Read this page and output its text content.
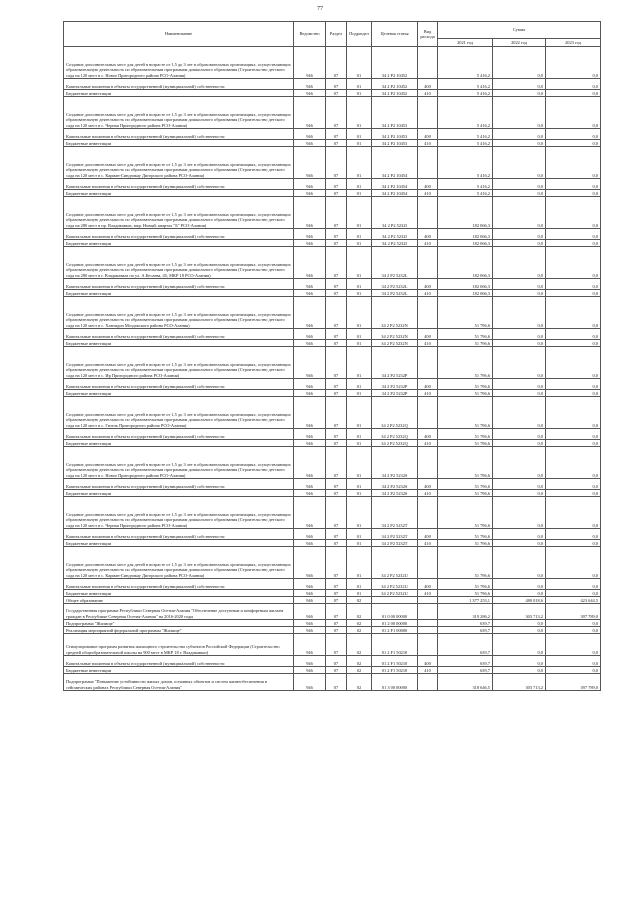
77
Наименование	Ведомство	Раздел	Подраздел	Целевая статья	Вид расхода	Сумма		
						2021 год	2022 год	2023 год
Создание дополнительных мест для детей в возрасте от 1,5 до 3 лет в образовательных организациях, осуществляющих образовательную деятельность по образовательным программам дошкольного образования (Строительство детского сада на 120 мест в с. Новое Пригородного района РСО-Алания)	946	07	01	34 2 P2 10452		5 416,2	0,0	0,0
Капитальные вложения в объекты государственной (муниципальной) собственности	946	07	01	34 2 P2 10452	400	5 416,2	0,0	0,0
Бюджетные инвестиции	946	07	01	34 2 P2 10452	410	5 416,2	0,0	0,0
Создание дополнительных мест для детей в возрасте от 1,5 до 3 лет в образовательных организациях, осуществляющих образовательную деятельность по образовательным программам дошкольного образования (Строительство детского сада на 120 мест в с. Черная Пригородного района РСО-Алания)	946	07	01	34 2 P2 10453		5 416,2	0,0	0,0
Капитальные вложения в объекты государственной (муниципальной) собственности	946	07	01	34 2 P2 10453	400	5 416,2	0,0	0,0
Бюджетные инвестиции	946	07	01	34 2 P2 10453	410	5 416,2	0,0	0,0
Создание дополнительных мест для детей в возрасте от 1,5 до 3 лет в образовательных организациях, осуществляющих образовательную деятельность по образовательным программам дошкольного образования (Строительство детского сада на 120 мест в с. Карман-Синдзикау Дигорского района РСО-Алания)	946	07	01	34 2 P2 10454		5 416,2	0,0	0,0
Капитальные вложения в объекты государственной (муниципальной) собственности	946	07	01	34 2 P2 10454	400	5 416,2	0,0	0,0
Бюджетные инвестиции	946	07	01	34 2 P2 10454	410	5 416,2	0,0	0,0
Создание дополнительных мест для детей в возрасте от 1,5 до 3 лет в образовательных организациях, осуществляющих образовательную деятельность по образовательным программам дошкольного образования (Строительство детского сада на 280 мест в пр. Владикавказ, мкр. Новый, квартал "Б" РСО-Алания)	946	07	01	34 2 P2 5232I		182 066,3	0,0	0,0
Капитальные вложения в объекты государственной (муниципальной) собственности	946	07	01	34 2 P2 5232I	400	182 066,3	0,0	0,0
Бюджетные инвестиции	946	07	01	34 2 P2 5232I	410	182 066,3	0,0	0,0
Создание дополнительных мест для детей в возрасте от 1,5 до 3 лет в образовательных организациях, осуществляющих образовательную деятельность по образовательным программам дошкольного образования (Строительство детского сада на 280 мест в г. Владикавказ по ул. А.Кесаева, 45, МКР 18 РСО-Алания)	946	07	01	34 2 P2 5232L		182 066,3	0,0	0,0
Капитальные вложения в объекты государственной (муниципальной) собственности	946	07	01	34 2 P2 5232L	400	182 066,3	0,0	0,0
Бюджетные инвестиции	946	07	01	34 2 P2 5232L	410	182 066,3	0,0	0,0
Создание дополнительных мест для детей в возрасте от 1,5 до 3 лет в образовательных организациях, осуществляющих образовательную деятельность по образовательным программам дошкольного образования (Строительство детского сада на 120 мест в с. Хазнидон Моздокского района РСО-Алания)	946	07	01	34 2 P2 5232N		51 796,6	0,0	0,0
Капитальные вложения в объекты государственной (муниципальной) собственности	946	07	01	34 2 P2 5232N	400	51 796,6	0,0	0,0
Бюджетные инвестиции	946	07	01	34 2 P2 5232N	410	51 796,6	0,0	0,0
Создание дополнительных мест для детей в возрасте от 1,5 до 3 лет в образовательных организациях, осуществляющих образовательную деятельность по образовательным программам дошкольного образования (Строительство детского сада на 120 мест в с. Ир Пригородного района РСО-Алания)	946	07	01	34 2 P2 5232P		51 796,6	0,0	0,0
Капитальные вложения в объекты государственной (муниципальной) собственности	946	07	01	34 2 P2 5232P	400	51 796,6	0,0	0,0
Бюджетные инвестиции	946	07	01	34 2 P2 5232P	410	51 796,6	0,0	0,0
Создание дополнительных мест для детей в возрасте от 1,5 до 3 лет в образовательных организациях, осуществляющих образовательную деятельность по образовательным программам дошкольного образования (Строительство детского сада на 120 мест в с. Гизель Пригородного района РСО-Алания)	946	07	01	34 2 P2 5232Q		51 796,6	0,0	0,0
Капитальные вложения в объекты государственной (муниципальной) собственности	946	07	01	34 2 P2 5232Q	400	51 796,6	0,0	0,0
Бюджетные инвестиции	946	07	01	34 2 P2 5232Q	410	51 796,6	0,0	0,0
Создание дополнительных мест для детей в возрасте от 1,5 до 3 лет в образовательных организациях, осуществляющих образовательную деятельность по образовательным программам дошкольного образования (Строительство детского сада на 120 мест в с. Новое Пригородного района РСО-Алания)	946	07	01	34 2 P2 5232S		51 796,6	0,0	0,0
Капитальные вложения в объекты государственной (муниципальной) собственности	946	07	01	34 2 P2 5232S	400	51 796,6	0,0	0,0
Бюджетные инвестиции	946	07	01	34 2 P2 5232S	410	51 796,6	0,0	0,0
Создание дополнительных мест для детей в возрасте от 1,5 до 3 лет в образовательных организациях, осуществляющих образовательную деятельность по образовательным программам дошкольного образования (Строительство детского сада на 120 мест в с. Черная Пригородного района РСО-Алания)	946	07	01	34 2 P2 5232T		51 796,6	0,0	0,0
Капитальные вложения в объекты государственной (муниципальной) собственности	946	07	01	34 2 P2 5232T	400	51 796,6	0,0	0,0
Бюджетные инвестиции	946	07	01	34 2 P2 5232T	410	51 796,6	0,0	0,0
Создание дополнительных мест для детей в возрасте от 1,5 до 3 лет в образовательных организациях, осуществляющих образовательную деятельность по образовательным программам дошкольного образования (Строительство детского сада на 120 мест в с. Карман-Синдзикау Дигорского района РСО-Алания)	946	07	01	34 2 P2 5232U		51 796,6	0,0	0,0
Капитальные вложения в объекты государственной (муниципальной) собственности	946	07	01	34 2 P2 5232U	400	51 796,6	0,0	0,0
Бюджетные инвестиции	946	07	01	34 2 P2 5232U	410	51 796,6	0,0	0,0
Общее образование	946	07	02			1 377 253,1	480 018,6	423 644,5
Государственная программа Республики Северная Осетия-Алания "Обеспечение доступным и комфортным жильем граждан в Республике Северная Осетия-Алания" на 2016-2020 годы	946	07	02	01 0 00 00000		319 286,2	303 713,2	397 789,0
Подпрограмма "Жилище"	946	07	02	01 2 00 00000		639,7	0,0	0,0
Реализация мероприятий федеральной программы "Жилище"	946	07	02	01 2 F1 00000		639,7	0,0	0,0
Стимулирование программ развития жилищного строительства субъектов Российской Федерации (Строительство средней общеобразовательной школы на 900 мест в МКР 18 г. Владикавказ)	946	07	02	01 2 F1 50210		639,7	0,0	0,0
Капитальные вложения в объекты государственной (муниципальной) собственности	946	07	02	01 2 F1 50210	400	639,7	0,0	0,0
Бюджетные инвестиции	946	07	02	01 2 F1 50210	410	639,7	0,0	0,0
Подпрограмма "Повышение устойчивости жилых домов, основных объектов и систем жизнеобеспечения в сейсмических районах Республики Северная Осетия-Алания"	946	07	02	01 3 00 00000		318 646,5	303 713,2	397 789,0
